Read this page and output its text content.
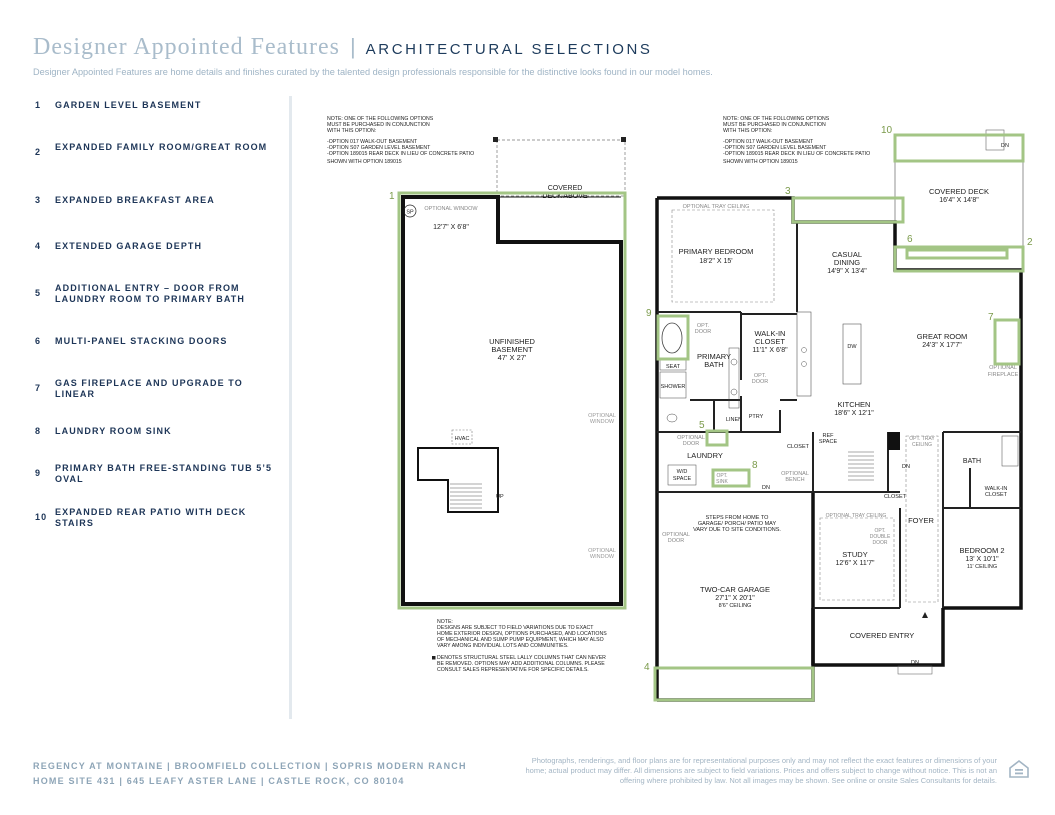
Designer Appointed Features | ARCHITECTURAL SELECTIONS
Designer Appointed Features are home details and finishes curated by the talented design professionals responsible for the distinctive looks found in our model homes.
1	GARDEN LEVEL BASEMENT
2	EXPANDED FAMILY ROOM/GREAT ROOM
3	EXPANDED BREAKFAST AREA
4	EXTENDED GARAGE DEPTH
5	ADDITIONAL ENTRY – DOOR FROM LAUNDRY ROOM TO PRIMARY BATH
6	MULTI-PANEL STACKING DOORS
7	GAS FIREPLACE AND UPGRADE TO LINEAR
8	LAUNDRY ROOM SINK
9	PRIMARY BATH FREE-STANDING TUB 5’5 OVAL
10 EXPANDED REAR PATIO WITH DECK STAIRS
NOTE: ONE OF THE FOLLOWING OPTIONS
MUST BE PURCHASED IN CONJUNCTION
WITH THIS OPTION:
-OPTION 017 WALK-OUT BASEMENT
-OPTION S07 GARDEN LEVEL BASEMENT
-OPTION 189015 REAR DECK IN LIEU OF CONCRETE PATIO
SHOWN WITH OPTION 189015
COVERED
DECK ABOVE
SP
OPTIONAL WINDOW
12'7" X 6'8"
UNFINISHED
BASEMENT
47' X 27'
OPTIONAL
WINDOW
OPTIONAL
WINDOW
HVAC
UP
NOTE:
DESIGNS ARE SUBJECT TO FIELD VARIATIONS DUE TO EXACT
HOME EXTERIOR DESIGN, OPTIONS PURCHASED, AND LOCATIONS
OF MECHANICAL AND SUMP PUMP EQUIPMENT, WHICH MAY ALSO
VARY AMONG INDIVIDUAL LOTS AND COMMUNITIES.
DENOTES STRUCTURAL STEEL LALLY COLUMNS THAT CAN NEVER
BE REMOVED. OPTIONS MAY ADD ADDITIONAL COLUMNS. PLEASE
CONSULT SALES REPRESENTATIVE FOR SPECIFIC DETAILS.
NOTE: ONE OF THE FOLLOWING OPTIONS
MUST BE PURCHASED IN CONJUNCTION
WITH THIS OPTION:
-OPTION 017 WALK-OUT BASEMENT
-OPTION S07 GARDEN LEVEL BASEMENT
-OPTION 189015 REAR DECK IN LIEU OF CONCRETE PATIO
SHOWN WITH OPTION 189015
DN
COVERED DECK
16'4" X 14'8"
OPTIONAL TRAY CEILING
PRIMARY BEDROOM
18'2" X 15'
CASUAL
DINING
14'9" X 13'4"
GREAT ROOM
24'3" X 17'7"
OPTIONAL
FIREPLACE
WALK-IN
CLOSET
11'1" X 6'8"
OPT.
DOOR
OPT.
DOOR
PRIMARY
BATH
SEAT
SHOWER
LINEN PTRY
DW
KITCHEN
18'6" X 12'1"
OPTIONAL
DOOR
LAUNDRY
W/D
SPACE	OPT.
SINK
DN
CLOSET
REF
SPACE	OPT. TRAY
CEILING
OPTIONAL
BENCH
DN
CLOSET
BATH
WALK-IN
CLOSET
FOYER
BEDROOM 2
13' X 10'1"
11' CEILING
OPTIONAL TRAY CEILING
OPT.
DOUBLE
DOOR
STUDY
12'6" X 11'7"
STEPS FROM HOME TO
GARAGE/ PORCH/ PATIO MAY
VARY DUE TO SITE CONDITIONS.
OPTIONAL
DOOR
TWO-CAR GARAGE
27'1" X 20'1"
8'6" CEILING
COVERED ENTRY
DN
1
2
3
4
5
6
7
8
9
10
REGENCY AT MONTAINE | BROOMFIELD COLLECTION | SOPRIS MODERN RANCH
HOME SITE 431 | 645 LEAFY ASTER LANE | CASTLE ROCK, CO 80104
Photographs, renderings, and floor plans are for representational purposes only and may not reflect the exact features or dimensions of your home; actual product may differ. All dimensions are subject to field variations. Prices and offers subject to change without notice. This is not an offering where prohibited by law. Not all images may be shown. See online or onsite Sales Consultants for details.
